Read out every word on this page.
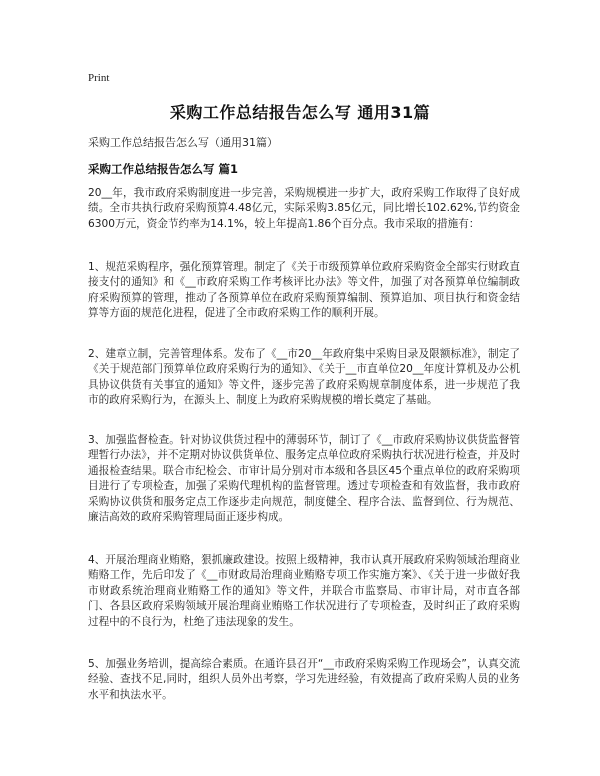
Print
采购工作总结报告怎么写 通用31篇
采购工作总结报告怎么写（通用31篇）
采购工作总结报告怎么写 篇1

20__年，我市政府采购制度进一步完善，采购规模进一步扩大，政府采购工作取得了良好成绩。全市共执行政府采购预算4.48亿元，实际采购3.85亿元，同比增长102.62%,节约资金6300万元，资金节约率为14.1%，较上年提高1.86个百分点。我市采取的措施有：

1、规范采购程序，强化预算管理。制定了《关于市级预算单位政府采购资金全部实行财政直接支付的通知》和《__市政府采购工作考核评比办法》等文件，加强了对各预算单位编制政府采购预算的管理，推动了各预算单位在政府采购预算编制、预算追加、项目执行和资金结算等方面的规范化进程，促进了全市政府采购工作的顺利开展。

2、建章立制，完善管理体系。发布了《__市20__年政府集中采购目录及限额标准》，制定了《关于规范部门预算单位政府采购行为的通知》、《关于__市直单位20__年度计算机及办公机具协议供货有关事宜的通知》等文件，逐步完善了政府采购规章制度体系，进一步规范了我市的政府采购行为，在源头上、制度上为政府采购规模的增长奠定了基础。

3、加强监督检查。针对协议供货过程中的薄弱环节，制订了《__市政府采购协议供货监督管理暂行办法》，并不定期对协议供货单位、服务定点单位政府采购执行状况进行检查，并及时通报检查结果。联合市纪检会、市审计局分别对市本级和各县区45个重点单位的政府采购项目进行了专项检查，加强了采购代理机构的监督管理。透过专项检查和有效监督，我市政府采购协议供货和服务定点工作逐步走向规范，制度健全、程序合法、监督到位、行为规范、廉洁高效的政府采购管理局面正逐步构成。

4、开展治理商业贿赂，狠抓廉政建设。按照上级精神，我市认真开展政府采购领域治理商业贿赂工作，先后印发了《__市财政局治理商业贿赂专项工作实施方案》、《关于进一步做好我市财政系统治理商业贿赂工作的通知》等文件，并联合市监察局、市审计局，对市直各部门、各县区政府采购领域开展治理商业贿赂工作状况进行了专项检查，及时纠正了政府采购过程中的不良行为，杜绝了违法现象的发生。

5、加强业务培训，提高综合素质。在通许县召开“__市政府采购采购工作现场会”，认真交流经验、查找不足,同时，组织人员外出考察，学习先进经验，有效提高了政府采购人员的业务水平和执法水平。
